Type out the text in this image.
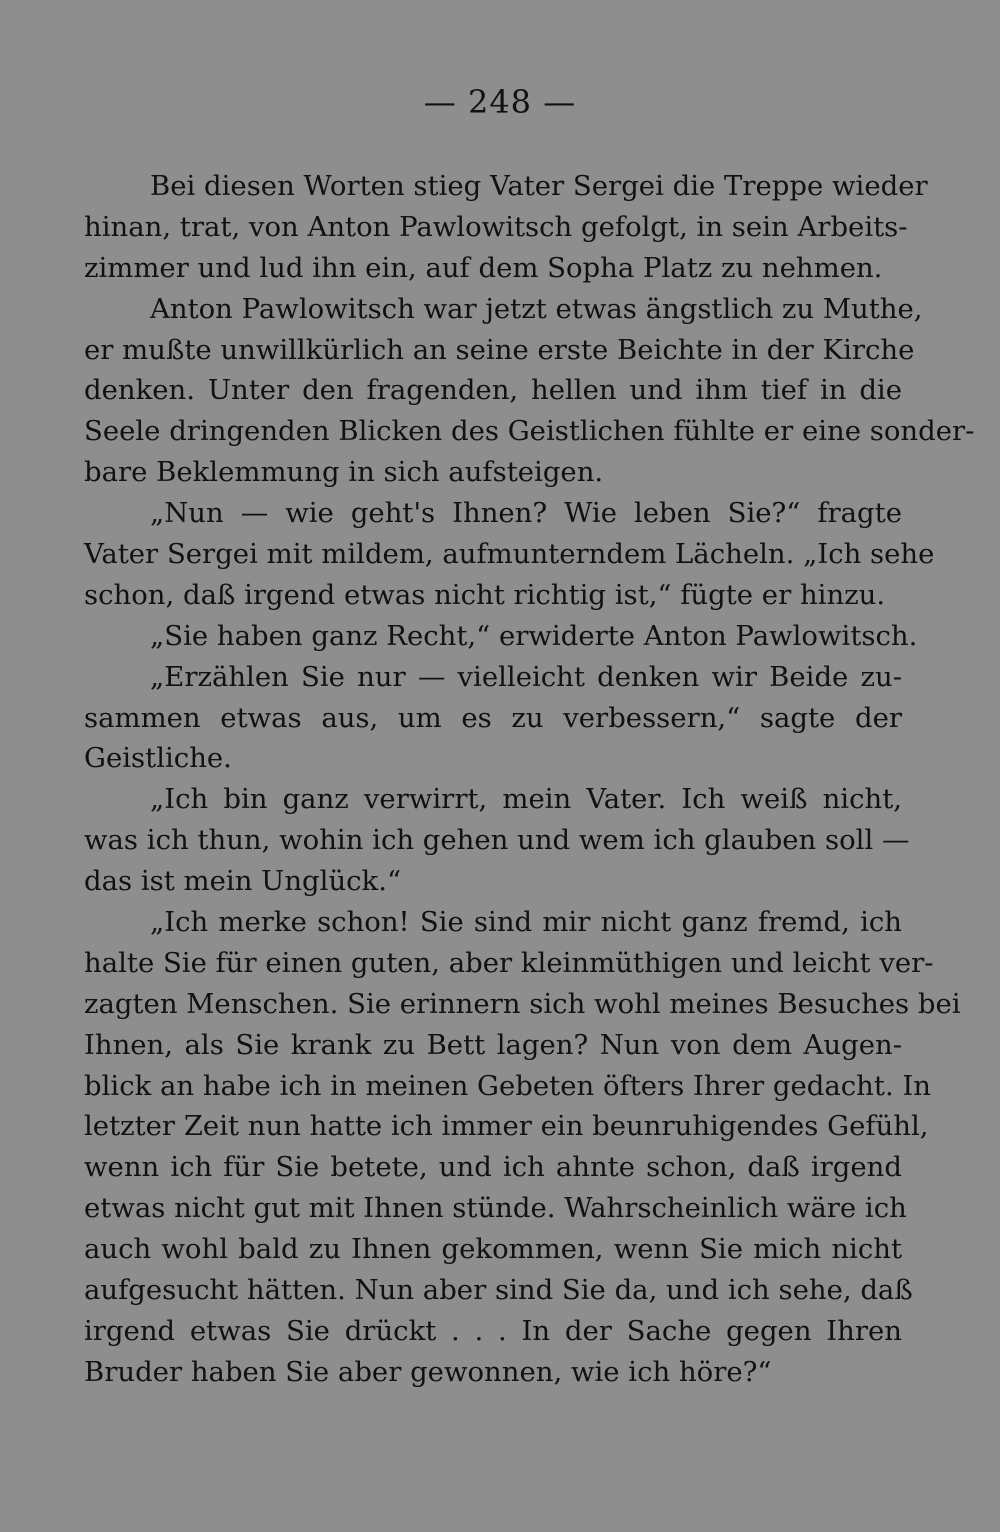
— 248 —
Bei diesen Worten stieg Vater Sergei die Treppe wieder
hinan, trat, von Anton Pawlowitsch gefolgt, in sein Arbeits-
zimmer und lud ihn ein, auf dem Sopha Platz zu nehmen.
Anton Pawlowitsch war jetzt etwas ängstlich zu Muthe,
er mußte unwillkürlich an seine erste Beichte in der Kirche
denken. Unter den fragenden, hellen und ihm tief in die
Seele dringenden Blicken des Geistlichen fühlte er eine sonder-
bare Beklemmung in sich aufsteigen.
„Nun — wie geht's Ihnen? Wie leben Sie?“ fragte
Vater Sergei mit mildem, aufmunterndem Lächeln. „Ich sehe
schon, daß irgend etwas nicht richtig ist,“ fügte er hinzu.
„Sie haben ganz Recht,“ erwiderte Anton Pawlowitsch.
„Erzählen Sie nur — vielleicht denken wir Beide zu-
sammen etwas aus, um es zu verbessern,“ sagte der
Geistliche.
„Ich bin ganz verwirrt, mein Vater. Ich weiß nicht,
was ich thun, wohin ich gehen und wem ich glauben soll —
das ist mein Unglück.“
„Ich merke schon! Sie sind mir nicht ganz fremd, ich
halte Sie für einen guten, aber kleinmüthigen und leicht ver-
zagten Menschen. Sie erinnern sich wohl meines Besuches bei
Ihnen, als Sie krank zu Bett lagen? Nun von dem Augen-
blick an habe ich in meinen Gebeten öfters Ihrer gedacht. In
letzter Zeit nun hatte ich immer ein beunruhigendes Gefühl,
wenn ich für Sie betete, und ich ahnte schon, daß irgend
etwas nicht gut mit Ihnen stünde. Wahrscheinlich wäre ich
auch wohl bald zu Ihnen gekommen, wenn Sie mich nicht
aufgesucht hätten. Nun aber sind Sie da, und ich sehe, daß
irgend etwas Sie drückt . . . In der Sache gegen Ihren
Bruder haben Sie aber gewonnen, wie ich höre?“
